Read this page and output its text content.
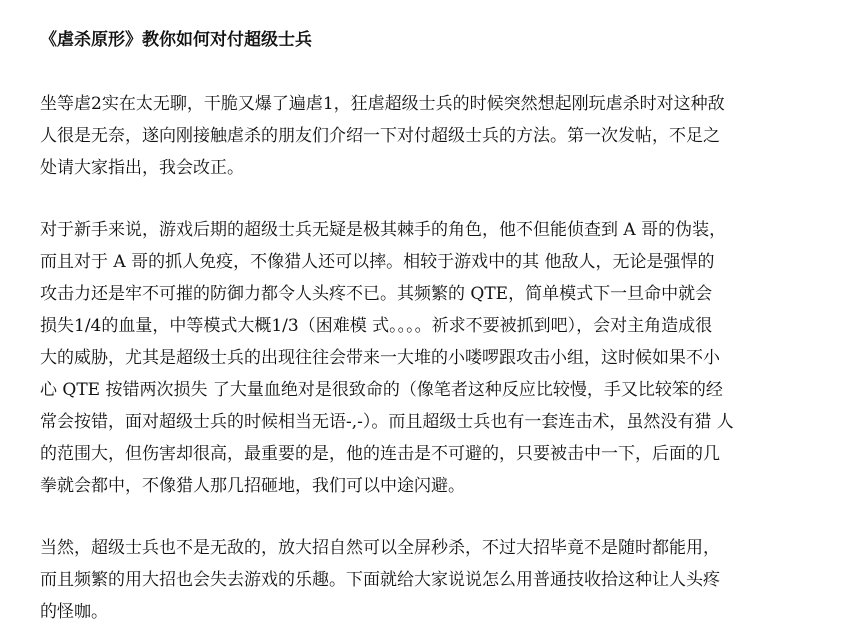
《虐杀原形》教你如何对付超级士兵
坐等虐2实在太无聊，干脆又爆了遍虐1，狂虐超级士兵的时候突然想起刚玩虐杀时对这种敌
人很是无奈，遂向刚接触虐杀的朋友们介绍一下对付超级士兵的方法。第一次发帖，不足之
处请大家指出，我会改正。
对于新手来说，游戏后期的超级士兵无疑是极其棘手的角色，他不但能侦查到 A 哥的伪装，
而且对于 A 哥的抓人免疫，不像猎人还可以摔。相较于游戏中的其 他敌人，无论是强悍的
攻击力还是牢不可摧的防御力都令人头疼不已。其频繁的 QTE，简单模式下一旦命中就会
损失1/4的血量，中等模式大概1/3（困难模 式。。。。祈求不要被抓到吧），会对主角造成很
大的威胁，尤其是超级士兵的出现往往会带来一大堆的小喽啰跟攻击小组，这时候如果不小
心 QTE 按错两次损失 了大量血绝对是很致命的（像笔者这种反应比较慢，手又比较笨的经
常会按错，面对超级士兵的时候相当无语-,-）。而且超级士兵也有一套连击术，虽然没有猎 人
的范围大，但伤害却很高，最重要的是，他的连击是不可避的，只要被击中一下，后面的几
拳就会都中，不像猎人那几招砸地，我们可以中途闪避。
当然，超级士兵也不是无敌的，放大招自然可以全屏秒杀，不过大招毕竟不是随时都能用，
而且频繁的用大招也会失去游戏的乐趣。下面就给大家说说怎么用普通技收拾这种让人头疼
的怪咖。
